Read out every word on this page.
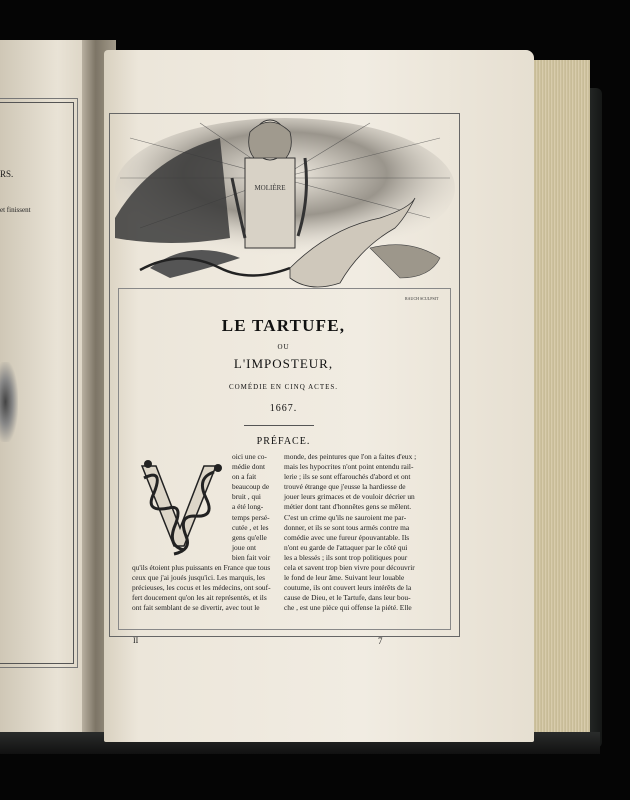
RS.
et finissent
MOLIÈRE
RAUCH SCULPSIT
LE TARTUFE,
OU
L'IMPOSTEUR,
COMÉDIE EN CINQ ACTES.
1667.
PRÉFACE.
oici une co-
médie dont
on a fait
beaucoup de
bruit , qui
a été long-
temps persé-
cutée , et les
gens qu'elle
joue ont
bien fait voir
qu'ils étoient plus puissants en France que tous
ceux que j'ai joués jusqu'ici. Les marquis, les
précieuses, les cocus et les médecins, ont souf-
fert doucement qu'on les ait représentés, et ils
ont fait semblant de se divertir, avec tout le
monde, des peintures que l'on a faites d'eux ;
mais les hypocrites n'ont point entendu rail-
lerie ; ils se sont effarouchés d'abord et ont
trouvé étrange que j'eusse la hardiesse de
jouer leurs grimaces et de vouloir décrier un
métier dont tant d'honnêtes gens se mêlent.
C'est un crime qu'ils ne sauroient me par-
donner, et ils se sont tous armés contre ma
comédie avec une fureur épouvantable. Ils
n'ont eu garde de l'attaquer par le côté qui
les a blessés ; ils sont trop politiques pour
cela et savent trop bien vivre pour découvrir
le fond de leur âme. Suivant leur louable
coutume, ils ont couvert leurs intérêts de la
cause de Dieu, et le Tartufe, dans leur bou-
che , est une pièce qui offense la piété. Elle
II	7
